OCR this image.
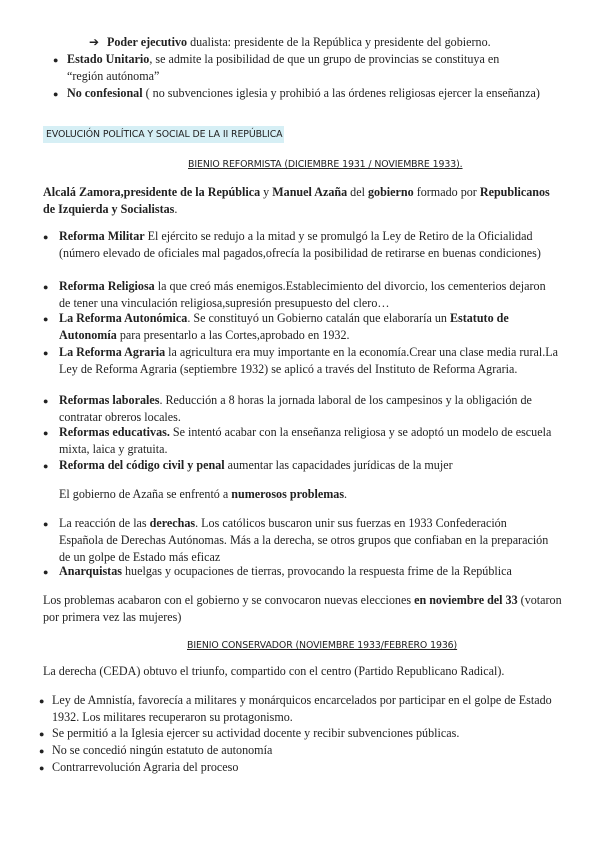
➔ Poder ejecutivo dualista: presidente de la República y presidente del gobierno.
● Estado Unitario, se admite la posibilidad de que un grupo de provincias se constituya en “región autónoma”
● No confesional ( no subvenciones iglesia y prohibió a las órdenes religiosas ejercer la enseñanza)
EVOLUCIÓN POLÍTICA Y SOCIAL DE LA II REPÚBLICA
BIENIO REFORMISTA (DICIEMBRE 1931 / NOVIEMBRE 1933).
Alcalá Zamora,presidente de la República y Manuel Azaña del gobierno formado por Republicanos de Izquierda y Socialistas.
● Reforma Militar El ejército se redujo a la mitad y se promulgó la Ley de Retiro de la Oficialidad (número elevado de oficiales mal pagados,ofrecía la posibilidad de retirarse en buenas condiciones)
● Reforma Religiosa la que creó más enemigos.Establecimiento del divorcio, los cementerios dejaron de tener una vinculación religiosa,supresión presupuesto del clero…
● La Reforma Autonómica. Se constituyó un Gobierno catalán que elaboraría un Estatuto de Autonomía para presentarlo a las Cortes,aprobado en 1932.
● La Reforma Agraria la agricultura era muy importante en la economía.Crear una clase media rural.La Ley de Reforma Agraria (septiembre 1932) se aplicó a través del Instituto de Reforma Agraria.
● Reformas laborales. Reducción a 8 horas la jornada laboral de los campesinos y la obligación de contratar obreros locales.
● Reformas educativas. Se intentó acabar con la enseñanza religiosa y se adoptó un modelo de escuela mixta, laica y gratuita.
● Reforma del código civil y penal aumentar las capacidades jurídicas de la mujer
El gobierno de Azaña se enfrentó a numerosos problemas.
● La reacción de las derechas. Los católicos buscaron unir sus fuerzas en 1933 Confederación Española de Derechas Autónomas. Más a la derecha, se otros grupos que confiaban en la preparación de un golpe de Estado más eficaz
● Anarquistas huelgas y ocupaciones de tierras, provocando la respuesta frime de la República
Los problemas acabaron con el gobierno y se convocaron nuevas elecciones en noviembre del 33 (votaron por primera vez las mujeres)
BIENIO CONSERVADOR (NOVIEMBRE 1933/FEBRERO 1936)
La derecha (CEDA) obtuvo el triunfo, compartido con el centro (Partido Republicano Radical).
● Ley de Amnistía, favorecía a militares y monárquicos encarcelados por participar en el golpe de Estado 1932. Los militares recuperaron su protagonismo.
● Se permitió a la Iglesia ejercer su actividad docente y recibir subvenciones públicas.
● No se concedió ningún estatuto de autonomía
● Contrarrevolución Agraria del proceso
